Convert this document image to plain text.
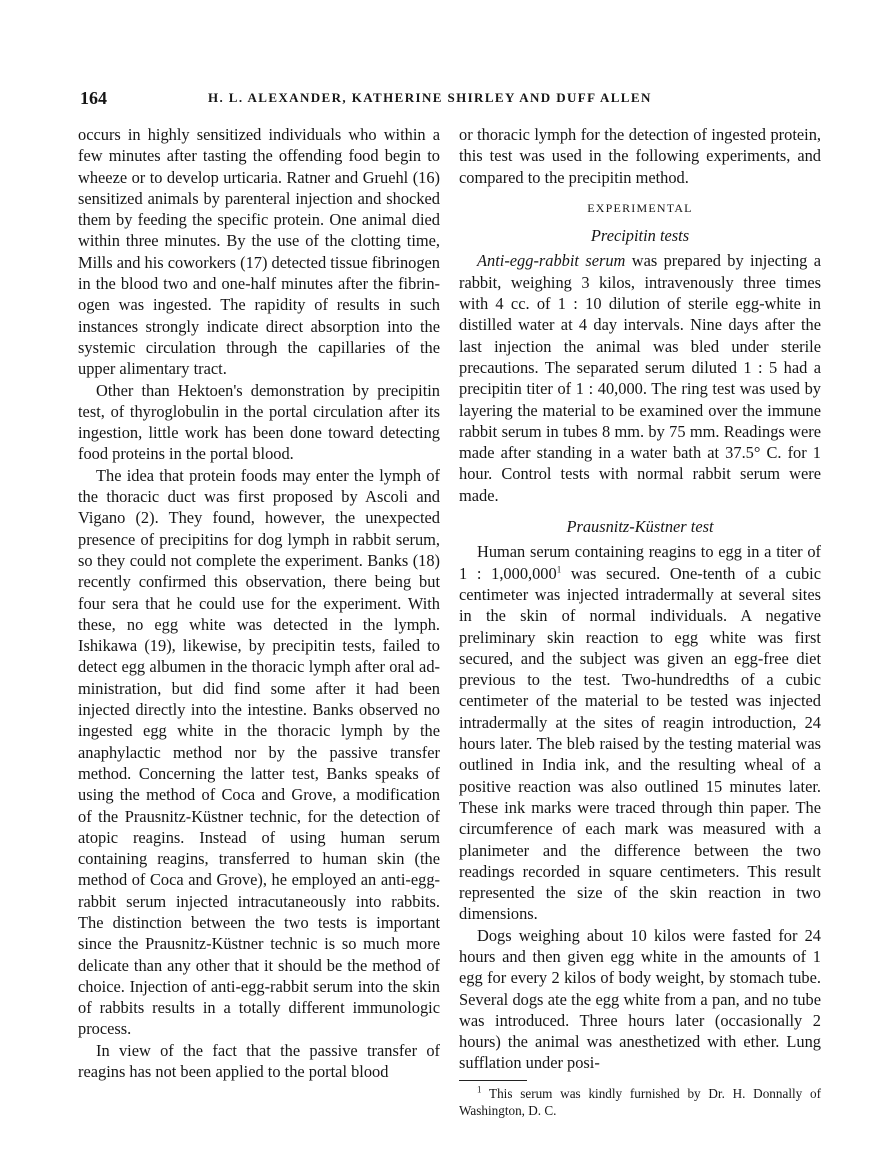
164	H. L. ALEXANDER, KATHERINE SHIRLEY AND DUFF ALLEN

occurs in highly sensitized individuals who within a few minutes after tasting the offending food begin to wheeze or to develop urticaria. Ratner and Gruehl (16) sensitized animals by parenteral injection and shocked them by feeding the specific protein. One animal died within three minutes. By the use of the clotting time, Mills and his coworkers (17) detected tissue fibrinogen in the blood two and one-half minutes after the fibrinogen was ingested. The rapidity of results in such instances strongly indicate direct absorption into the systemic circulation through the capillaries of the upper alimentary tract.

Other than Hektoen's demonstration by precipitin test, of thyroglobulin in the portal circulation after its ingestion, little work has been done toward detecting food proteins in the portal blood.

The idea that protein foods may enter the lymph of the thoracic duct was first proposed by Ascoli and Vigano (2). They found, however, the unexpected presence of precipitins for dog lymph in rabbit serum, so they could not complete the experiment. Banks (18) recently confirmed this observation, there being but four sera that he could use for the experiment. With these, no egg white was detected in the lymph. Ishikawa (19), likewise, by precipitin tests, failed to detect egg albumen in the thoracic lymph after oral administration, but did find some after it had been injected directly into the intestine. Banks observed no ingested egg white in the thoracic lymph by the anaphylactic method nor by the passive transfer method. Concerning the latter test, Banks speaks of using the method of Coca and Grove, a modification of the Prausnitz-Küstner technic, for the detection of atopic reagins. Instead of using human serum containing reagins, transferred to human skin (the method of Coca and Grove), he employed an anti-egg-rabbit serum injected intracutaneously into rabbits. The distinction between the two tests is important since the Prausnitz-Küstner technic is so much more delicate than any other that it should be the method of choice. Injection of anti-egg-rabbit serum into the skin of rabbits results in a totally different immunologic process.

In view of the fact that the passive transfer of reagins has not been applied to the portal blood

or thoracic lymph for the detection of ingested protein, this test was used in the following experiments, and compared to the precipitin method.

EXPERIMENTAL
Precipitin tests

Anti-egg-rabbit serum was prepared by injecting a rabbit, weighing 3 kilos, intravenously three times with 4 cc. of 1 : 10 dilution of sterile egg-white in distilled water at 4 day intervals. Nine days after the last injection the animal was bled under sterile precautions. The separated serum diluted 1 : 5 had a precipitin titer of 1 : 40,000. The ring test was used by layering the material to be examined over the immune rabbit serum in tubes 8 mm. by 75 mm. Readings were made after standing in a water bath at 37.5° C. for 1 hour. Control tests with normal rabbit serum were made.

Prausnitz-Küstner test

Human serum containing reagins to egg in a titer of 1 : 1,000,000$^1$ was secured. One-tenth of a cubic centimeter was injected intradermally at several sites in the skin of normal individuals. A negative preliminary skin reaction to egg white was first secured, and the subject was given an egg-free diet previous to the test. Two-hundredths of a cubic centimeter of the material to be tested was injected intradermally at the sites of reagin introduction, 24 hours later. The bleb raised by the testing material was outlined in India ink, and the resulting wheal of a positive reaction was also outlined 15 minutes later. These ink marks were traced through thin paper. The circumference of each mark was measured with a planimeter and the difference between the two readings recorded in square centimeters. This result represented the size of the skin reaction in two dimensions.

Dogs weighing about 10 kilos were fasted for 24 hours and then given egg white in the amounts of 1 egg for every 2 kilos of body weight, by stomach tube. Several dogs ate the egg white from a pan, and no tube was introduced. Three hours later (occasionally 2 hours) the animal was anesthetized with ether. Lung sufflation under posi-

$^1$ This serum was kindly furnished by Dr. H. Donnally of Washington, D. C.
